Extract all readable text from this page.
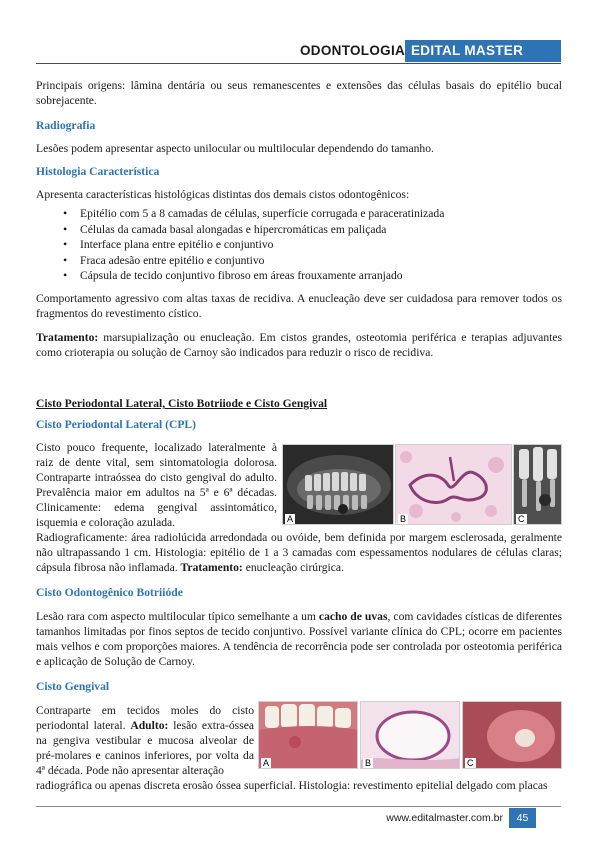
ODONTOLOGIA EDITAL MASTER

Principais origens: lâmina dentária ou seus remanescentes e extensões das células basais do epitélio bucal sobrejacente.

Radiografia

Lesões podem apresentar aspecto unilocular ou multilocular dependendo do tamanho.

Histologia Característica

Apresenta características histológicas distintas dos demais cistos odontogênicos:

• Epitélio com 5 a 8 camadas de células, superfície corrugada e paraceratinizada
• Células da camada basal alongadas e hipercromáticas em paliçada
• Interface plana entre epitélio e conjuntivo
• Fraca adesão entre epitélio e conjuntivo
• Cápsula de tecido conjuntivo fibroso em áreas frouxamente arranjado

Comportamento agressivo com altas taxas de recidiva. A enucleação deve ser cuidadosa para remover todos os fragmentos do revestimento cístico.

Tratamento: marsupialização ou enucleação. Em cistos grandes, osteotomia periférica e terapias adjuvantes como crioterapia ou solução de Carnoy são indicados para reduzir o risco de recidiva.

Cisto Periodontal Lateral, Cisto Botriiode e Cisto Gengival
Cisto Periodontal Lateral (CPL)

Cisto pouco frequente, localizado lateralmente à raiz de dente vital, sem sintomatologia dolorosa. Contraparte intraóssea do cisto gengival do adulto. Prevalência maior em adultos na 5ª e 6ª décadas. Clinicamente: edema gengival assintomático, isquemia e coloração azulada.

Radiograficamente: área radiolúcida arredondada ou ovóide, bem definida por margem esclerosada, geralmente não ultrapassando 1 cm. Histologia: epitélio de 1 a 3 camadas com espessamentos nodulares de células claras; cápsula fibrosa não inflamada. Tratamento: enucleação cirúrgica.

Cisto Odontogênico Botriióde

Lesão rara com aspecto multilocular típico semelhante a um cacho de uvas, com cavidades císticas de diferentes tamanhos limitadas por finos septos de tecido conjuntivo. Possível variante clínica do CPL; ocorre em pacientes mais velhos e com proporções maiores. A tendência de recorrência pode ser controlada por osteotomia periférica e aplicação de Solução de Carnoy.

Cisto Gengival

Contraparte em tecidos moles do cisto periodontal lateral. Adulto: lesão extra-óssea na gengiva vestibular e mucosa alveolar de pré-molares e caninos inferiores, por volta da 4ª década. Pode não apresentar alteração

radiográfica ou apenas discreta erosão óssea superficial. Histologia: revestimento epitelial delgado com placas

A	B	C
A	B	C
www.editalmaster.com.br	45
